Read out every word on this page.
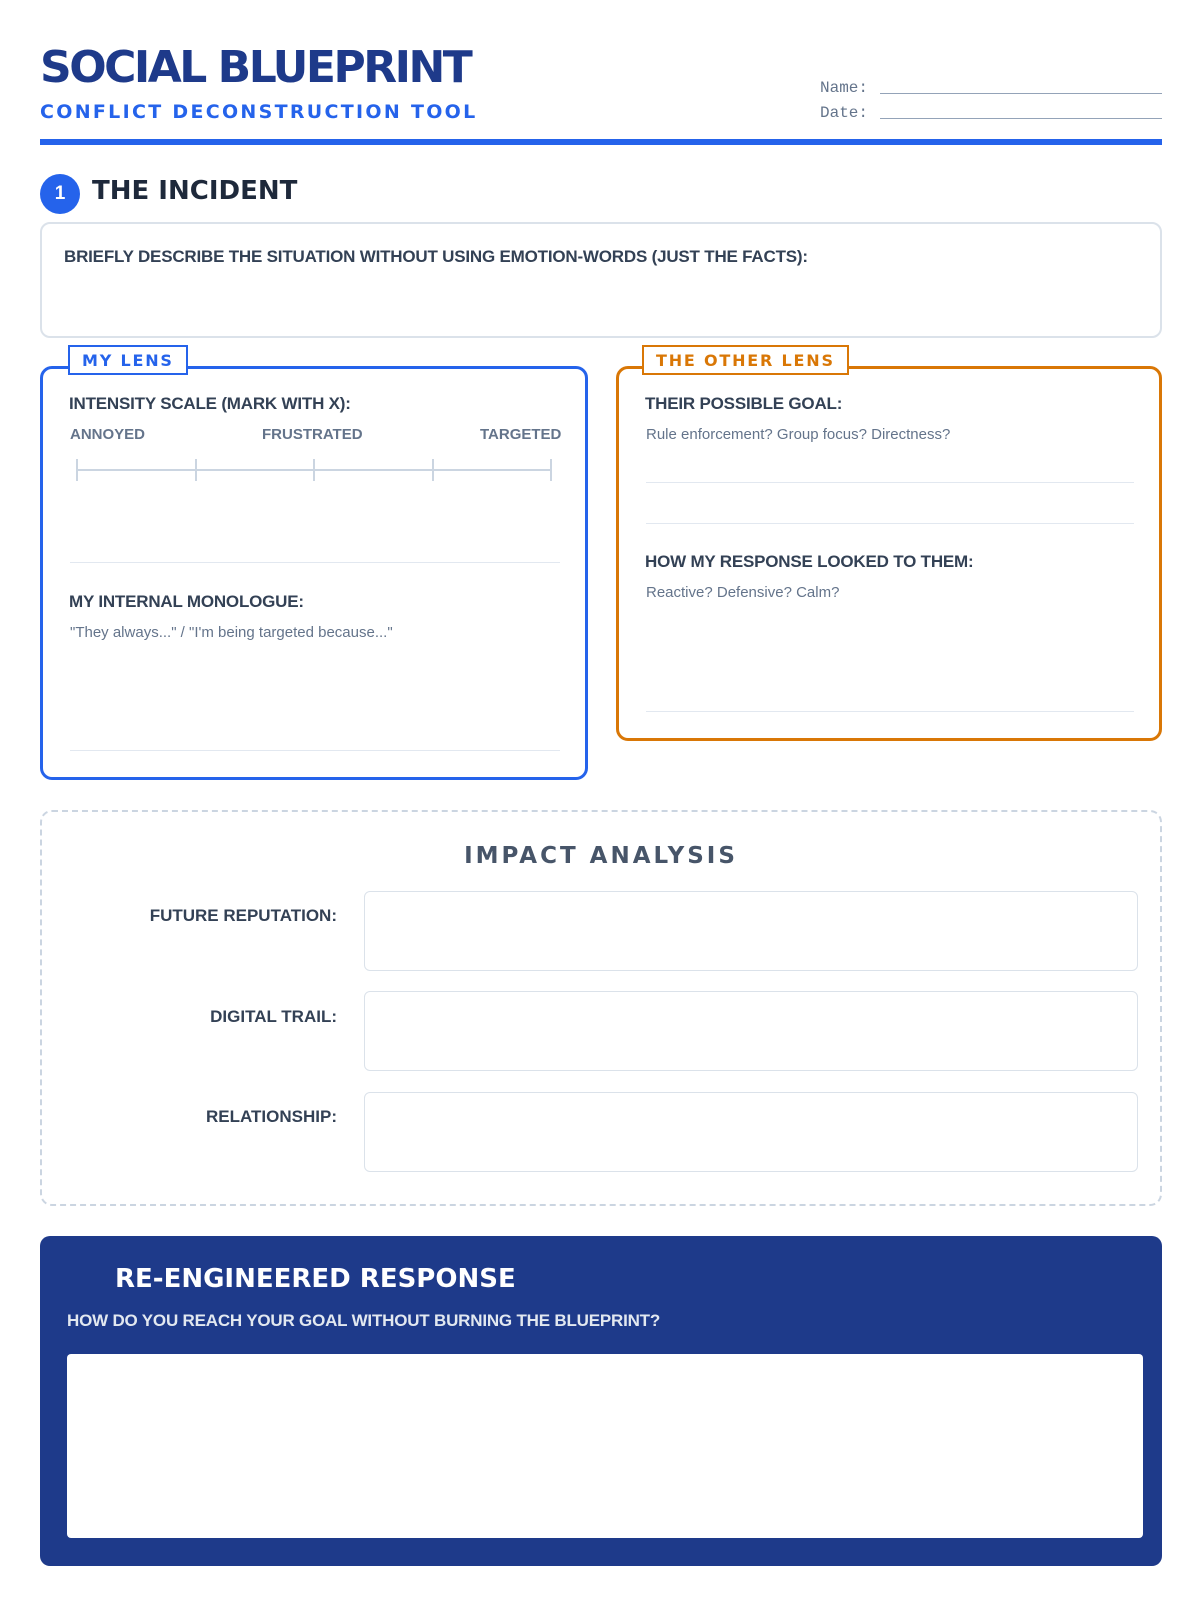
SOCIAL BLUEPRINT
CONFLICT DECONSTRUCTION TOOL
Name:
Date:
1	THE INCIDENT
BRIEFLY DESCRIBE THE SITUATION WITHOUT USING EMOTION-WORDS (JUST THE FACTS):
MY LENS
INTENSITY SCALE (MARK WITH X):
ANNOYED	FRUSTRATED	TARGETED
MY INTERNAL MONOLOGUE:
"They always..." / "I'm being targeted because..."
THE OTHER LENS
THEIR POSSIBLE GOAL:
Rule enforcement? Group focus? Directness?
HOW MY RESPONSE LOOKED TO THEM:
Reactive? Defensive? Calm?
IMPACT ANALYSIS
FUTURE REPUTATION:
DIGITAL TRAIL:
RELATIONSHIP:
RE-ENGINEERED RESPONSE
HOW DO YOU REACH YOUR GOAL WITHOUT BURNING THE BLUEPRINT?
